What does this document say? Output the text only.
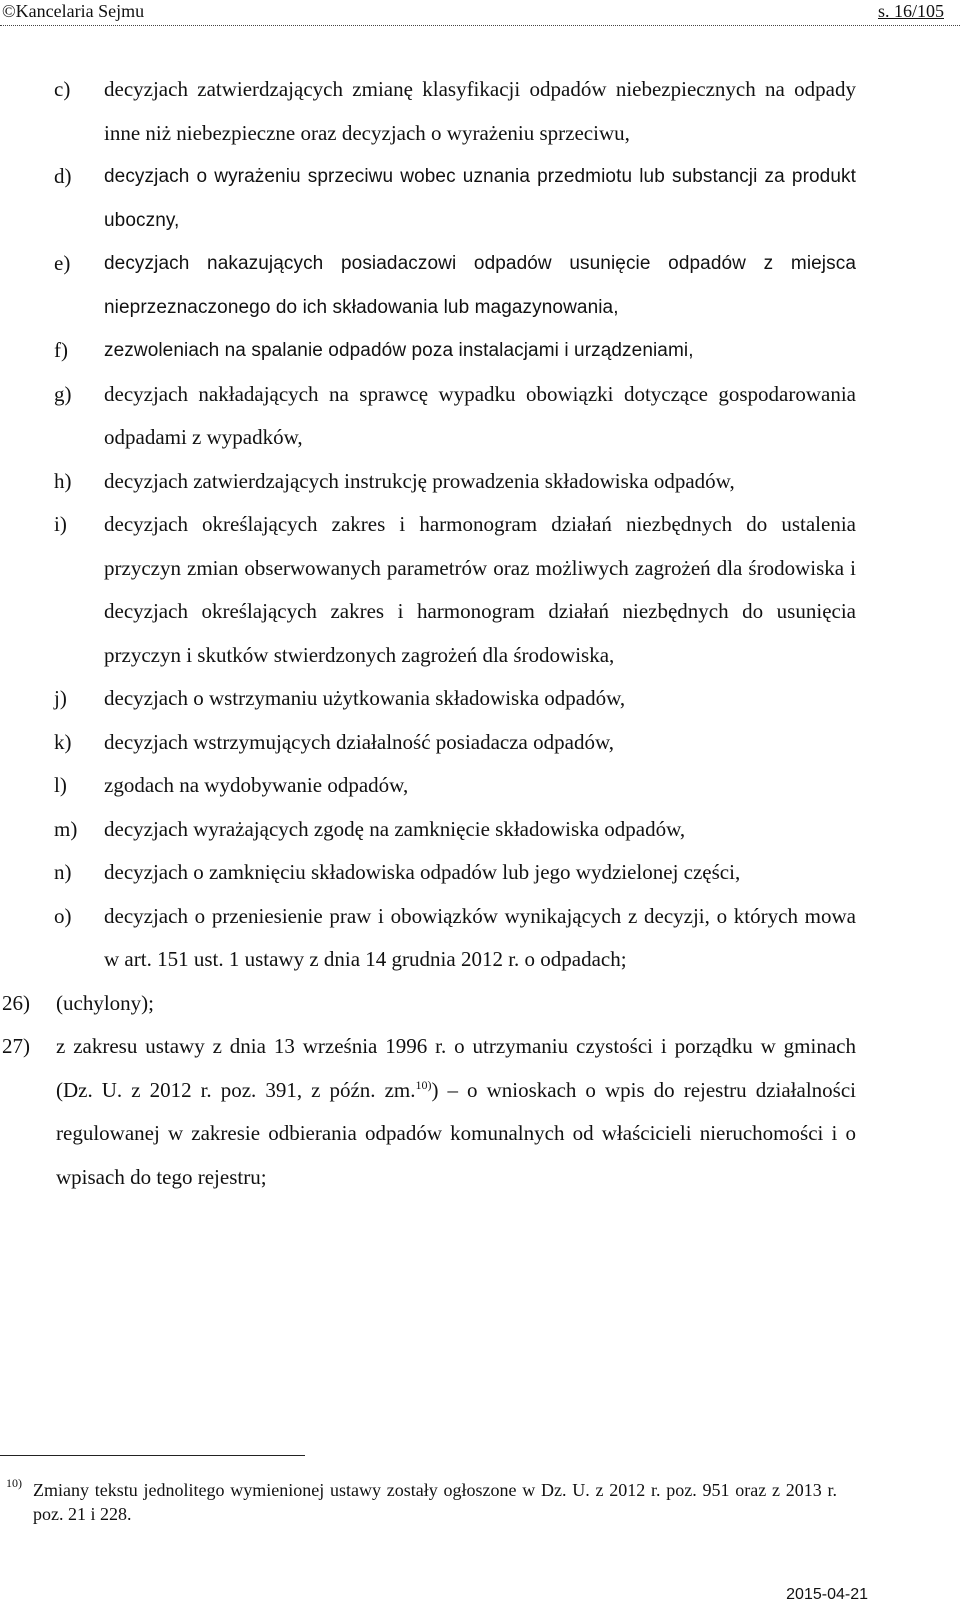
©Kancelaria Sejmu	s. 16/105
c) decyzjach zatwierdzających zmianę klasyfikacji odpadów niebezpiecznych na odpady inne niż niebezpieczne oraz decyzjach o wyrażeniu sprzeciwu,
d) decyzjach o wyrażeniu sprzeciwu wobec uznania przedmiotu lub substancji za produkt uboczny,
e) decyzjach nakazujących posiadaczowi odpadów usunięcie odpadów z miejsca nieprzeznaczonego do ich składowania lub magazynowania,
f) zezwoleniach na spalanie odpadów poza instalacjami i urządzeniami,
g) decyzjach nakładających na sprawcę wypadku obowiązki dotyczące gospodarowania odpadami z wypadków,
h) decyzjach zatwierdzających instrukcję prowadzenia składowiska odpadów,
i) decyzjach określających zakres i harmonogram działań niezbędnych do ustalenia przyczyn zmian obserwowanych parametrów oraz możliwych zagrożeń dla środowiska i decyzjach określających zakres i harmonogram działań niezbędnych do usunięcia przyczyn i skutków stwierdzonych zagrożeń dla środowiska,
j) decyzjach o wstrzymaniu użytkowania składowiska odpadów,
k) decyzjach wstrzymujących działalność posiadacza odpadów,
l) zgodach na wydobywanie odpadów,
m) decyzjach wyrażających zgodę na zamknięcie składowiska odpadów,
n) decyzjach o zamknięciu składowiska odpadów lub jego wydzielonej części,
o) decyzjach o przeniesienie praw i obowiązków wynikających z decyzji, o których mowa w art. 151 ust. 1 ustawy z dnia 14 grudnia 2012 r. o odpadach;
26) (uchylony);
27) z zakresu ustawy z dnia 13 września 1996 r. o utrzymaniu czystości i porządku w gminach (Dz. U. z 2012 r. poz. 391, z późn. zm.$^{10)}$) – o wnioskach o wpis do rejestru działalności regulowanej w zakresie odbierania odpadów komunalnych od właścicieli nieruchomości i o wpisach do tego rejestru;
10) Zmiany tekstu jednolitego wymienionej ustawy zostały ogłoszone w Dz. U. z 2012 r. poz. 951 oraz z 2013 r. poz. 21 i 228.
2015-04-21
